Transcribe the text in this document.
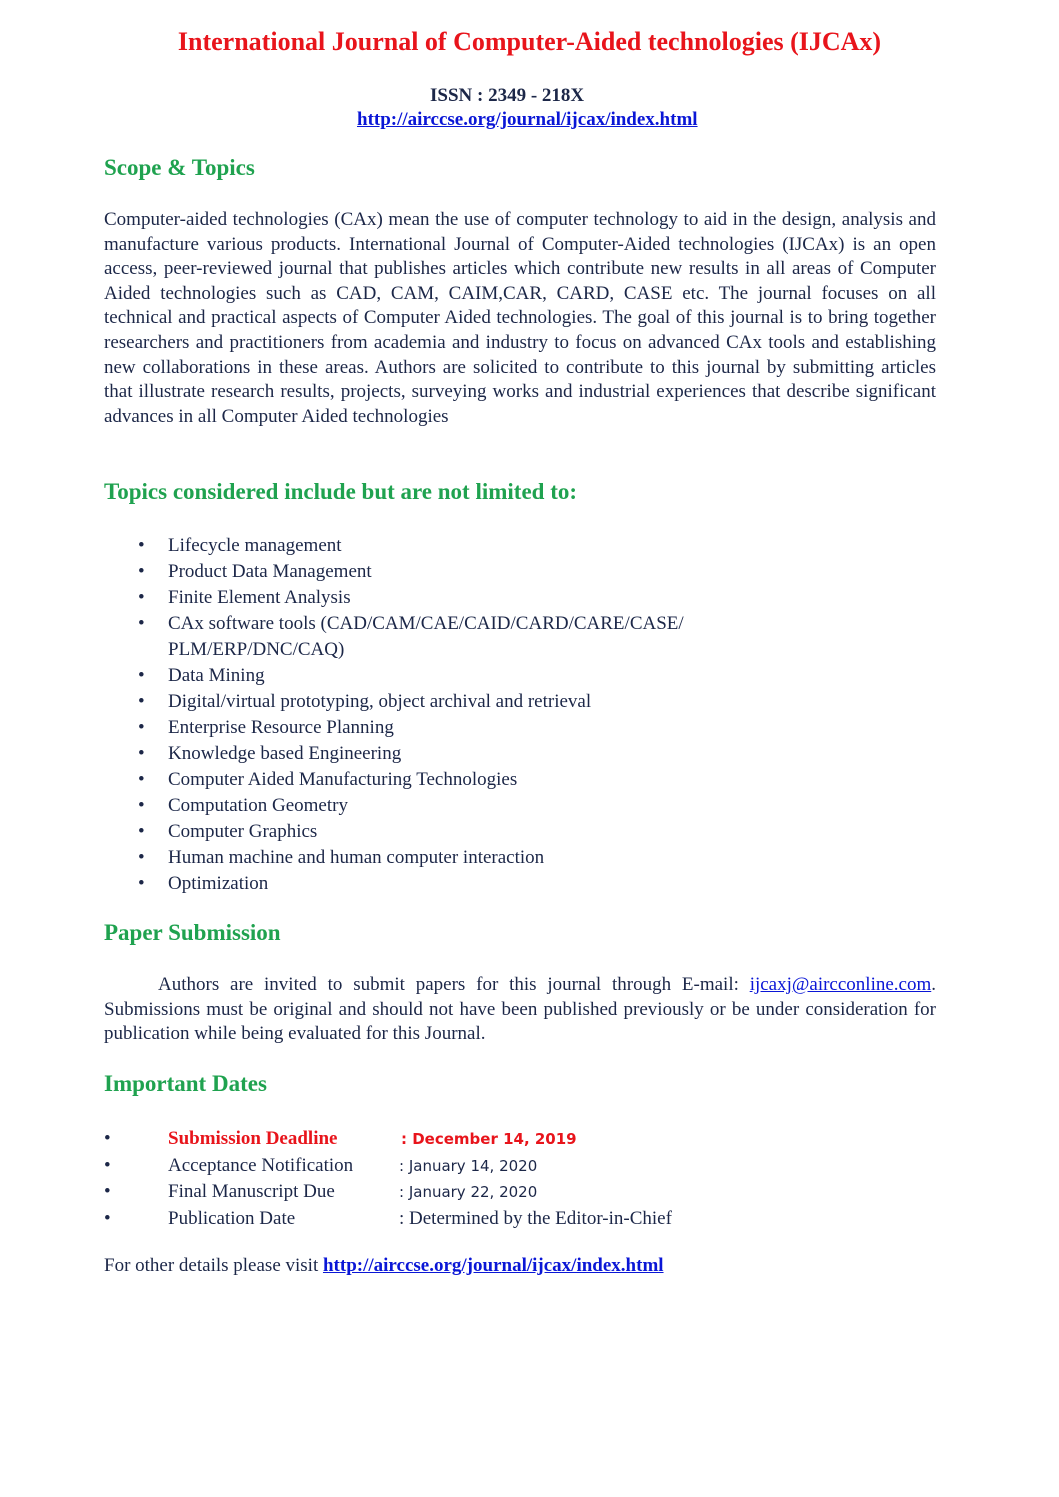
International Journal of Computer-Aided technologies (IJCAx)
ISSN : 2349 - 218X
http://airccse.org/journal/ijcax/index.html
Scope & Topics
Computer-aided technologies (CAx) mean the use of computer technology to aid in the design, analysis and manufacture various products. International Journal of Computer-Aided technologies (IJCAx) is an open access, peer-reviewed journal that publishes articles which contribute new results in all areas of Computer Aided technologies such as CAD, CAM, CAIM,CAR, CARD, CASE etc. The journal focuses on all technical and practical aspects of Computer Aided technologies. The goal of this journal is to bring together researchers and practitioners from academia and industry to focus on advanced CAx tools and establishing new collaborations in these areas. Authors are solicited to contribute to this journal by submitting articles that illustrate research results, projects, surveying works and industrial experiences that describe significant advances in all Computer Aided technologies
Topics considered include but are not limited to:
• Lifecycle management
• Product Data Management
• Finite Element Analysis
• CAx software tools (CAD/CAM/CAE/CAID/CARD/CARE/CASE/ PLM/ERP/DNC/CAQ)
• Data Mining
• Digital/virtual prototyping, object archival and retrieval
• Enterprise Resource Planning
• Knowledge based Engineering
• Computer Aided Manufacturing Technologies
• Computation Geometry
• Computer Graphics
• Human machine and human computer interaction
• Optimization
Paper Submission
Authors are invited to submit papers for this journal through E-mail: ijcaxj@aircconline.com. Submissions must be original and should not have been published previously or be under consideration for publication while being evaluated for this Journal.
Important Dates
•	Submission Deadline	: December 14, 2019
•	Acceptance Notification	: January 14, 2020
•	Final Manuscript Due	: January 22, 2020
•	Publication Date	: Determined by the Editor-in-Chief
For other details please visit http://airccse.org/journal/ijcax/index.html
